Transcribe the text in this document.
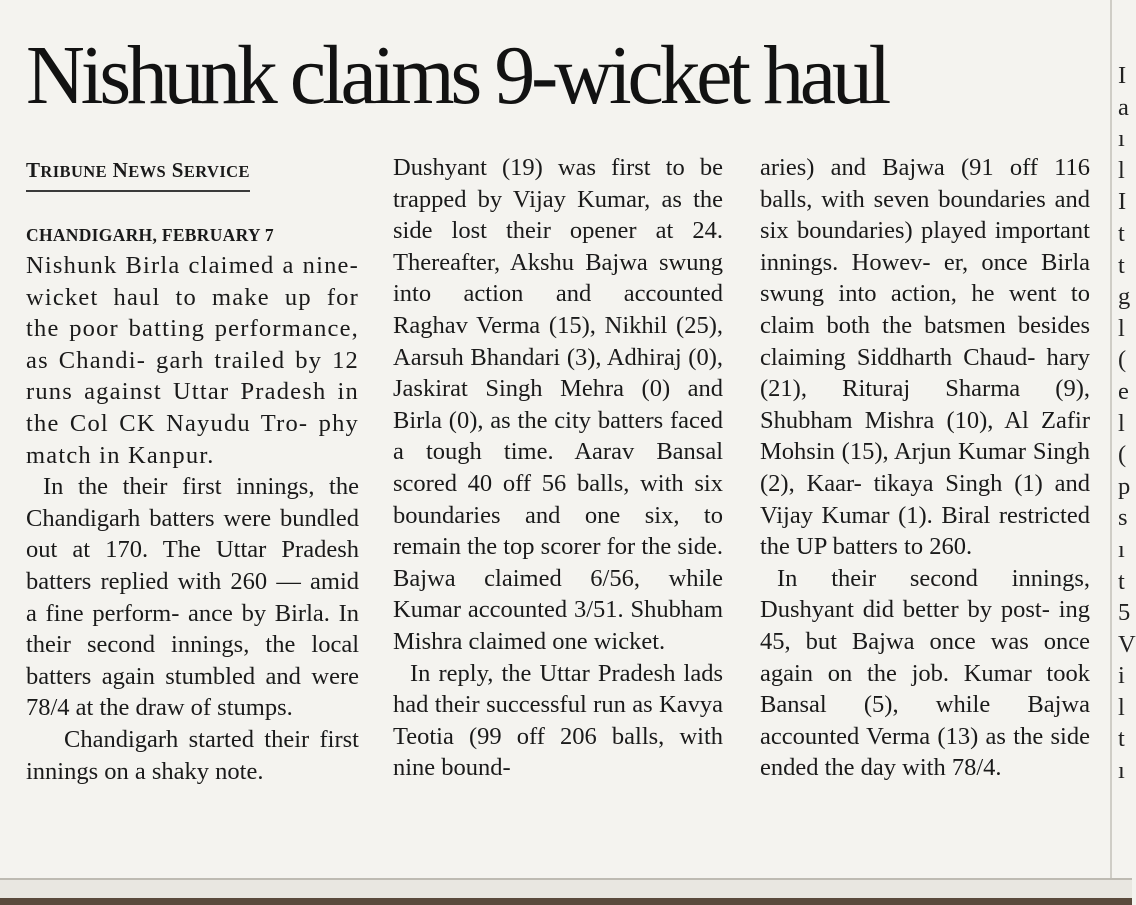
Nishunk claims 9-wicket haul
TRIBUNE NEWS SERVICE
CHANDIGARH, FEBRUARY 7

Nishunk Birla claimed a nine-wicket haul to make up for the poor batting performance, as Chandi- garh trailed by 12 runs against Uttar Pradesh in the Col CK Nayudu Tro- phy match in Kanpur.

In the their first innings, the Chandigarh batters were bundled out at 170. The Uttar Pradesh batters replied with 260 — amid a fine perform- ance by Birla. In their second innings, the local batters again stumbled and were 78/4 at the draw of stumps.

Chandigarh started their first innings on a shaky note.

Dushyant (19) was first to be trapped by Vijay Kumar, as the side lost their opener at 24. Thereafter, Akshu Bajwa swung into action and accounted Raghav Verma (15), Nikhil (25), Aarsuh Bhandari (3), Adhiraj (0), Jaskirat Singh Mehra (0) and Birla (0), as the city batters faced a tough time. Aarav Bansal scored 40 off 56 balls, with six boundaries and one six, to remain the top scorer for the side. Bajwa claimed 6/56, while Kumar accounted 3/51. Shubham Mishra claimed one wicket.

In reply, the Uttar Pradesh lads had their successful run as Kavya Teotia (99 off 206 balls, with nine bound-

aries) and Bajwa (91 off 116 balls, with seven boundaries and six boundaries) played important innings. Howev- er, once Birla swung into action, he went to claim both the batsmen besides claiming Siddharth Chaud- hary (21), Rituraj Sharma (9), Shubham Mishra (10), Al Zafir Mohsin (15), Arjun Kumar Singh (2), Kaar- tikaya Singh (1) and Vijay Kumar (1). Biral restricted the UP batters to 260.

In their second innings, Dushyant did better by post- ing 45, but Bajwa once was once again on the job. Kumar took Bansal (5), while Bajwa accounted Verma (13) as the side ended the day with 78/4.

I a ı l I t t g l ( e l ( p s ı t 5 V i l t ı
